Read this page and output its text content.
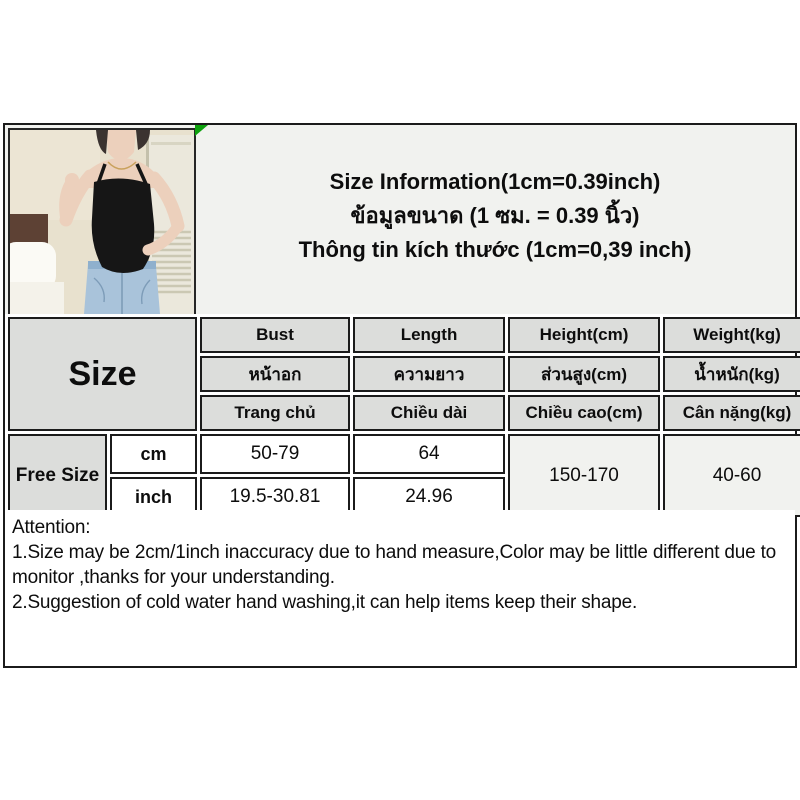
Size Information(1cm=0.39inch)
ข้อมูลขนาด (1 ซม. = 0.39 นิ้ว)
Thông tin kích thước (1cm=0,39 inch)
Size		Bust	Length	Height(cm)	Weight(kg)
		หน้าอก	ความยาว	ส่วนสูง(cm)	น้ำหนัก(kg)
		Trang chủ	Chiều dài	Chiều cao(cm)	Cân nặng(kg)
Free Size	cm	50-79	64	150-170	40-60
	inch	19.5-30.81	24.96		
Attention:
1.Size may be 2cm/1inch inaccuracy due to hand measure,Color may be little different due to monitor ,thanks for your understanding.
2.Suggestion of cold water hand washing,it can help items keep their shape.
